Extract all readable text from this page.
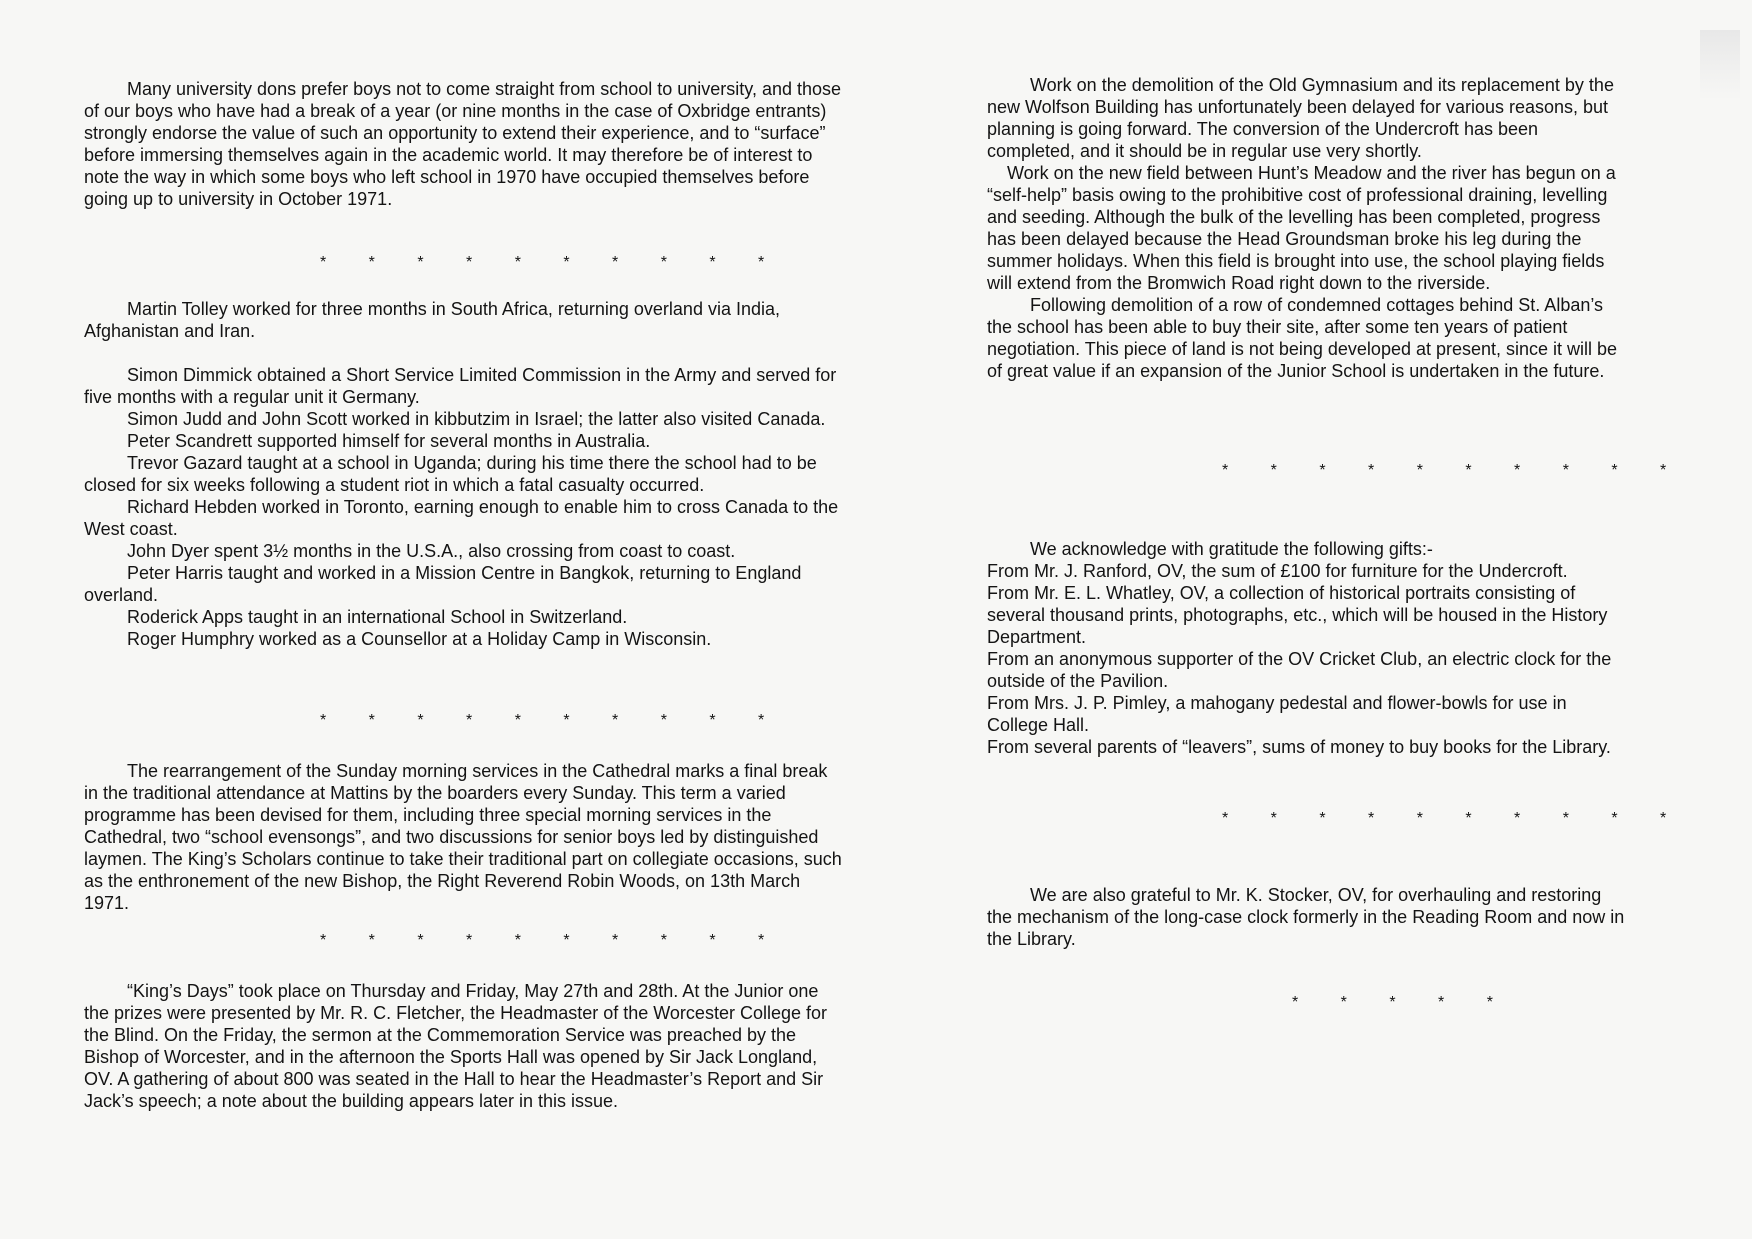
Many university dons prefer boys not to come straight from school to university, and those of our boys who have had a break of a year (or nine months in the case of Oxbridge entrants) strongly endorse the value of such an opportunity to extend their experience, and to “surface” before immersing themselves again in the academic world. It may therefore be of interest to note the way in which some boys who left school in 1970 have occupied themselves before going up to university in October 1971.

* * * * * * * * * *

Martin Tolley worked for three months in South Africa, returning overland via India, Afghanistan and Iran.

Simon Dimmick obtained a Short Service Limited Commission in the Army and served for five months with a regular unit it Germany.

Simon Judd and John Scott worked in kibbutzim in Israel; the latter also visited Canada.

Peter Scandrett supported himself for several months in Australia.

Trevor Gazard taught at a school in Uganda; during his time there the school had to be closed for six weeks following a student riot in which a fatal casualty occurred.

Richard Hebden worked in Toronto, earning enough to enable him to cross Canada to the West coast.

John Dyer spent 3½ months in the U.S.A., also crossing from coast to coast.

Peter Harris taught and worked in a Mission Centre in Bangkok, returning to England overland.

Roderick Apps taught in an international School in Switzerland.

Roger Humphry worked as a Counsellor at a Holiday Camp in Wisconsin.

* * * * * * * * * *

The rearrangement of the Sunday morning services in the Cathedral marks a final break in the traditional attendance at Mattins by the boarders every Sunday. This term a varied programme has been devised for them, including three special morning services in the Cathedral, two “school evensongs”, and two discussions for senior boys led by distinguished laymen. The King’s Scholars continue to take their traditional part on collegiate occasions, such as the enthronement of the new Bishop, the Right Reverend Robin Woods, on 13th March 1971.

* * * * * * * * * *

“King’s Days” took place on Thursday and Friday, May 27th and 28th. At the Junior one the prizes were presented by Mr. R. C. Fletcher, the Headmaster of the Worcester College for the Blind. On the Friday, the sermon at the Commemoration Service was preached by the Bishop of Worcester, and in the afternoon the Sports Hall was opened by Sir Jack Longland, OV. A gathering of about 800 was seated in the Hall to hear the Headmaster’s Report and Sir Jack’s speech; a note about the building appears later in this issue.

Work on the demolition of the Old Gymnasium and its replacement by the new Wolfson Building has unfortunately been delayed for various reasons, but planning is going forward. The conversion of the Undercroft has been completed, and it should be in regular use very shortly.

Work on the new field between Hunt’s Meadow and the river has begun on a “self-help” basis owing to the prohibitive cost of professional draining, levelling and seeding. Although the bulk of the levelling has been completed, progress has been delayed because the Head Groundsman broke his leg during the summer holidays. When this field is brought into use, the school playing fields will extend from the Bromwich Road right down to the riverside.

Following demolition of a row of condemned cottages behind St. Alban’s the school has been able to buy their site, after some ten years of patient negotiation. This piece of land is not being developed at present, since it will be of great value if an expansion of the Junior School is undertaken in the future.

* * * * * * * * * *

We acknowledge with gratitude the following gifts:-

From Mr. J. Ranford, OV, the sum of £100 for furniture for the Undercroft.

From Mr. E. L. Whatley, OV, a collection of historical portraits consisting of several thousand prints, photographs, etc., which will be housed in the History Department.

From an anonymous supporter of the OV Cricket Club, an electric clock for the outside of the Pavilion.

From Mrs. J. P. Pimley, a mahogany pedestal and flower-bowls for use in College Hall.

From several parents of “leavers”, sums of money to buy books for the Library.

* * * * * * * * * *

We are also grateful to Mr. K. Stocker, OV, for overhauling and restoring the mechanism of the long-case clock formerly in the Reading Room and now in the Library.

* * * * *
